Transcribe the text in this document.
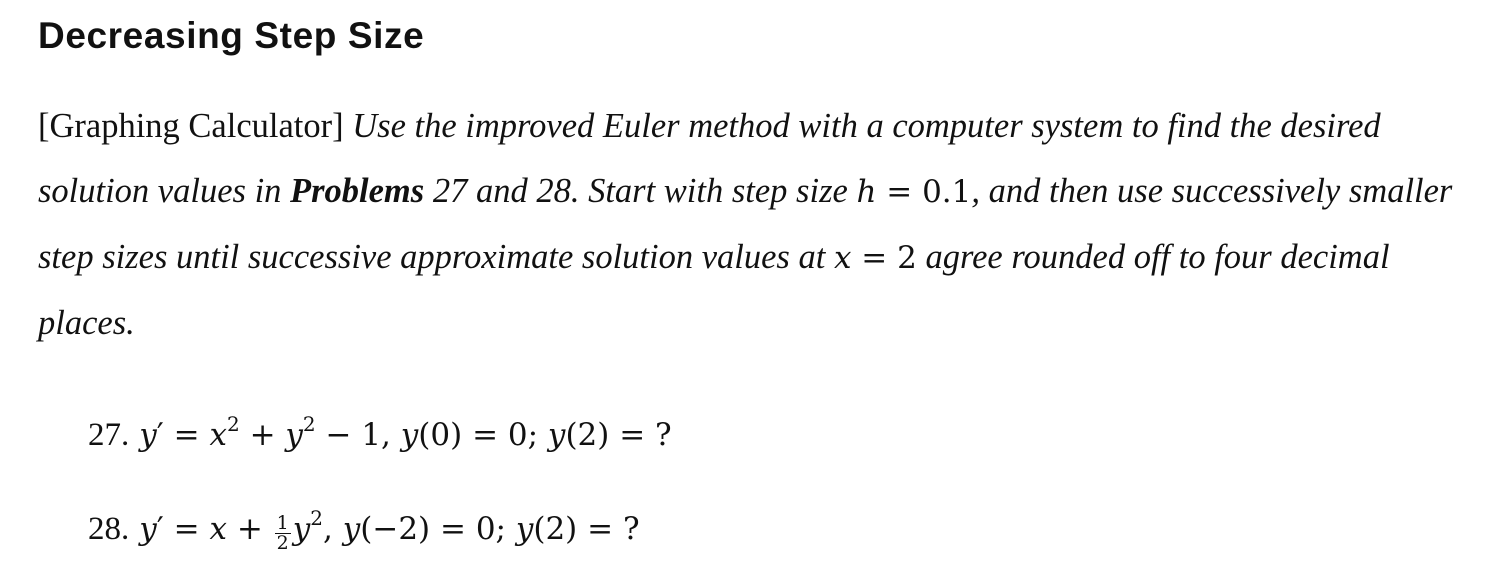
Decreasing Step Size

[Graphing Calculator] Use the improved Euler method with a computer system to find the desired solution values in Problems 27 and 28. Start with step size h = 0.1, and then use successively smaller step sizes until successive approximate solution values at x = 2 agree rounded off to four decimal places.

27. $y' = x^2 + y^2 - 1$, y(0) = 0; y(2) = ?

28. $y' = x + \frac{1}{2} y^2$, y(−2) = 0; y(2) = ?
